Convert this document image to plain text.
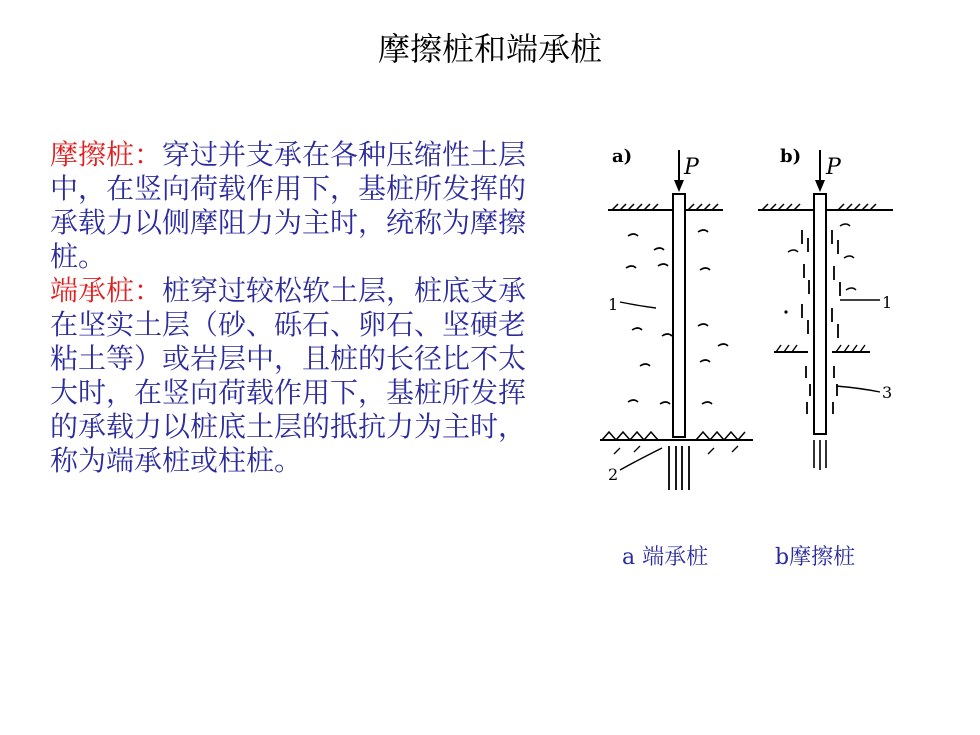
摩擦桩和端承桩

摩擦桩：穿过并支承在各种压缩性土层中，在竖向荷载作用下，基桩所发挥的承载力以侧摩阻力为主时，统称为摩擦桩。

端承桩：桩穿过较松软土层，桩底支承在坚实土层（砂、砾石、卵石、坚硬老粘土等）或岩层中，且桩的长径比不太大时，在竖向荷载作用下，基桩所发挥的承载力以桩底土层的抵抗力为主时，称为端承桩或柱桩。

a) P
1
2
b) P
1
3
a 端承桩	b摩擦桩
